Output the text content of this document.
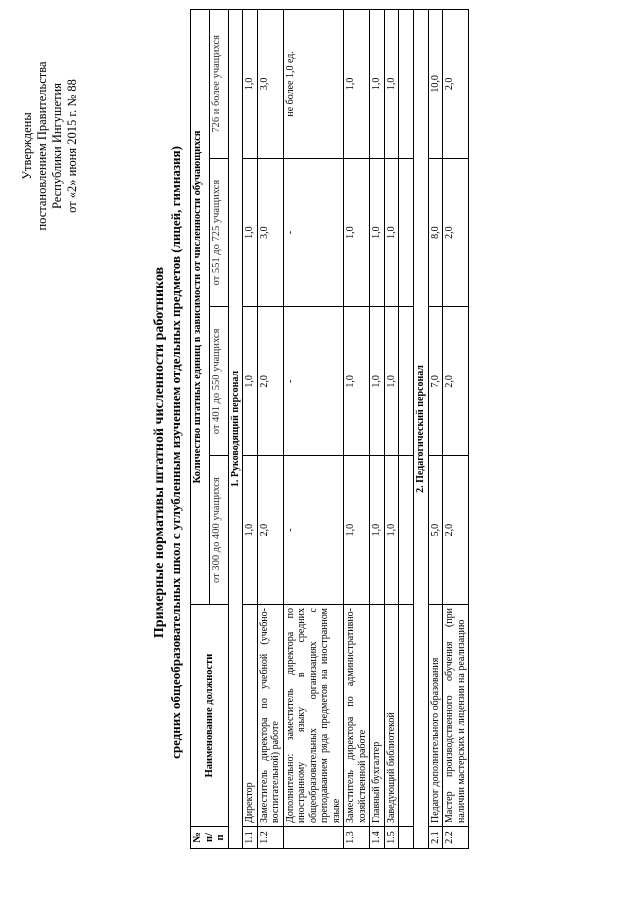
Утверждены постановлением Правительства Республики Ингушетия от «2» июня 2015 г. № 88
Примерные нормативы штатной численности работников средних общеобразовательных школ с углубленным изучением отдельных предметов (лицей, гимназия)
№ п/п	Наименование должности	Количество штатных единиц в зависимости от численности обучающихся			
		от 300 до 400 учащихся	от 401 до 550 учащихся	от 551 до 725 учащихся	726 и более учащихся
1. Руководящий персонал					
1.1	Директор	1,0	1,0	1,0	1,0
1.2	Заместитель директора по учебной (учебно-воспитательной) работе	2,0	2,0	3,0	3,0
	Дополнительно: заместитель директора по иностранному языку в средних общеобразовательных организациях с преподаванием ряда предметов на иностранном языке	-	-	-	не более 1,0 ед.
1.3	Заместитель директора по административно-хозяйственной работе	1,0	1,0	1,0	1,0
1.4	Главный бухгалтер	1,0	1,0	1,0	1,0
1.5	Заведующий библиотекой	1,0	1,0	1,0	1,0

2. Педагогический персонал					
2.1	Педагог дополнительного образования	5,0	7,0	8,0	10,0
2.2	Мастер производственного обучения (при наличии мастерских и лицензии на реализацию	2,0	2,0	2,0	2,0
